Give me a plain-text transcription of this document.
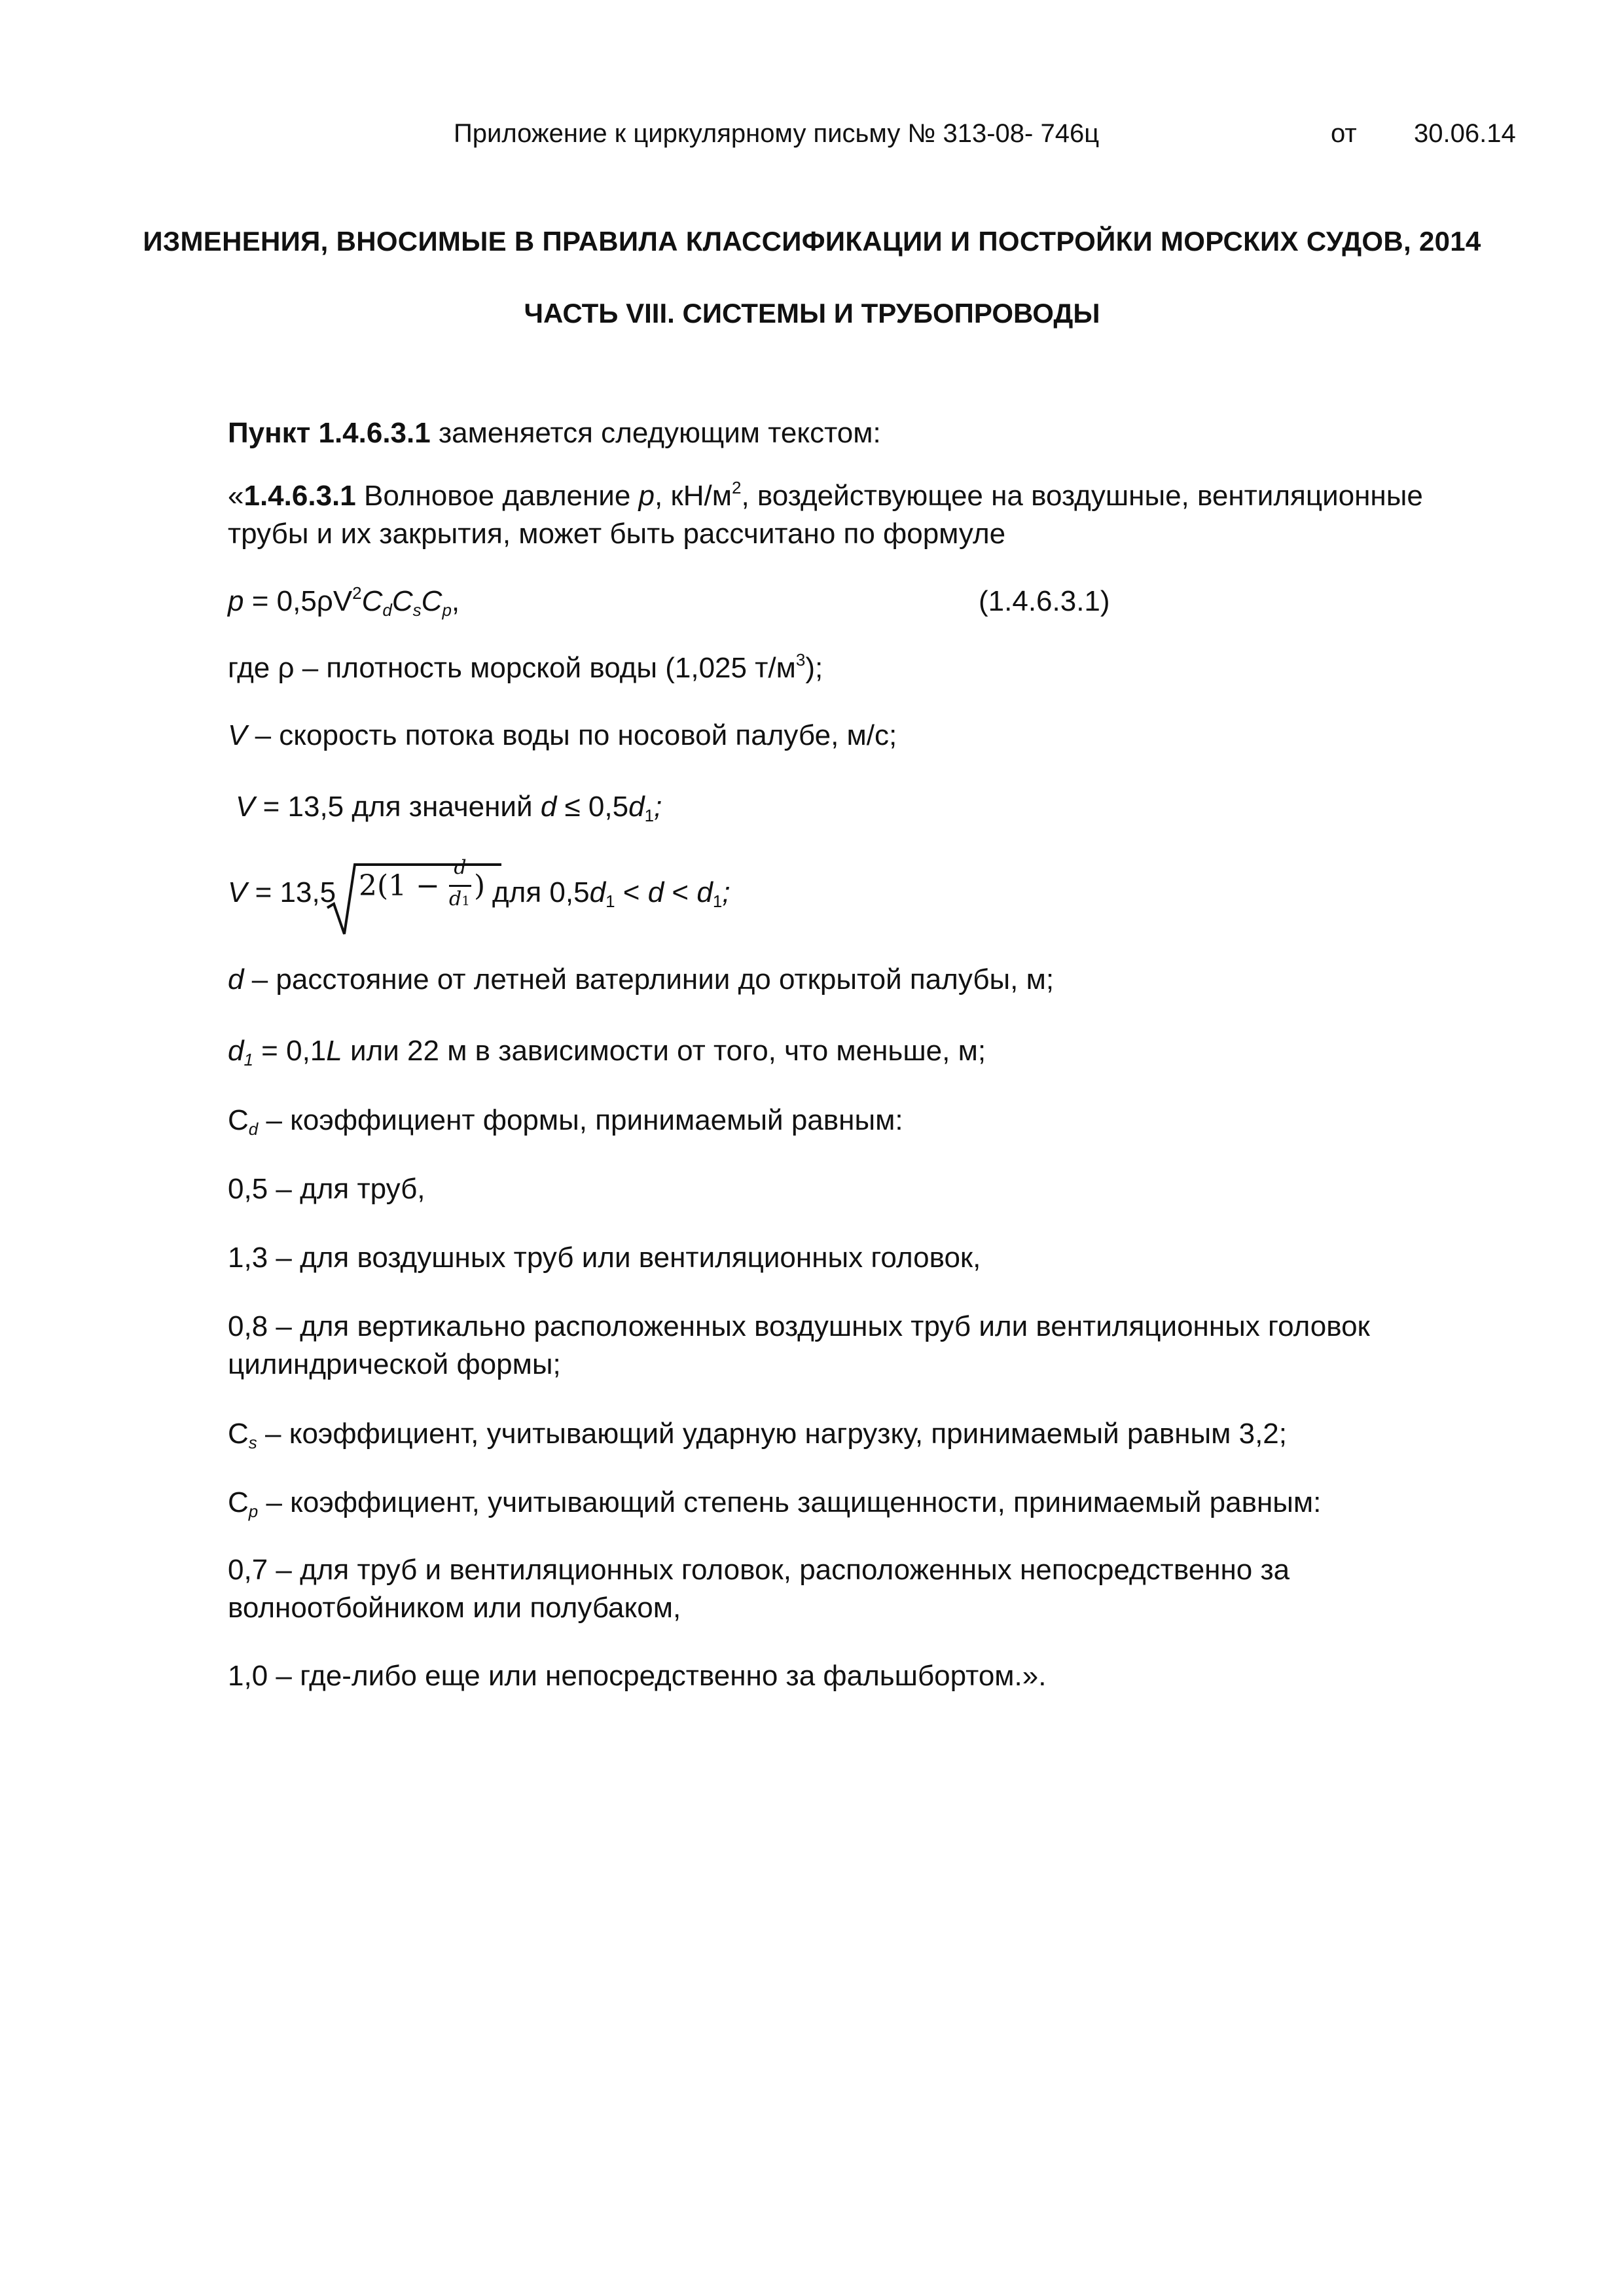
Приложение к циркулярному письму № 313-08- 746ц	от 30.06.14
ИЗМЕНЕНИЯ, ВНОСИМЫЕ В ПРАВИЛА КЛАССИФИКАЦИИ И ПОСТРОЙКИ МОРСКИХ СУДОВ, 2014
ЧАСТЬ VIII. СИСТЕМЫ И ТРУБОПРОВОДЫ
Пункт 1.4.6.3.1 заменяется следующим текстом:
«1.4.6.3.1 Волновое давление p, $кН/м^2$, воздействующее на воздушные, вентиляционные
трубы и их закрытия, может быть рассчитано по формуле
$p = 0,5\rho V^2C_dC_sC_p$,	(1.4.6.3.1)
где ρ – плотность морской воды (1,025 $т/м^3$);
V – скорость потока воды по носовой палубе, м/с;
V = 13,5 для значений $d \le 0,5d_1$;
V = 13,5 2(1 −
d
d1 ) для $0,5d_1 < d < d_1$;
d – расстояние от летней ватерлинии до открытой палубы, м;
$d_1 = 0,1L$ или 22 м в зависимости от того, что меньше, м;
$C_d$ – коэффициент формы, принимаемый равным:
0,5 – для труб,
1,3 – для воздушных труб или вентиляционных головок,
0,8 – для вертикально расположенных воздушных труб или вентиляционных головок
цилиндрической формы;
$C_s$ – коэффициент, учитывающий ударную нагрузку, принимаемый равным 3,2;
$C_p$ – коэффициент, учитывающий степень защищенности, принимаемый равным:
0,7 – для труб и вентиляционных головок, расположенных непосредственно за
волноотбойником или полубаком,
1,0 – где-либо еще или непосредственно за фальшбортом.».
